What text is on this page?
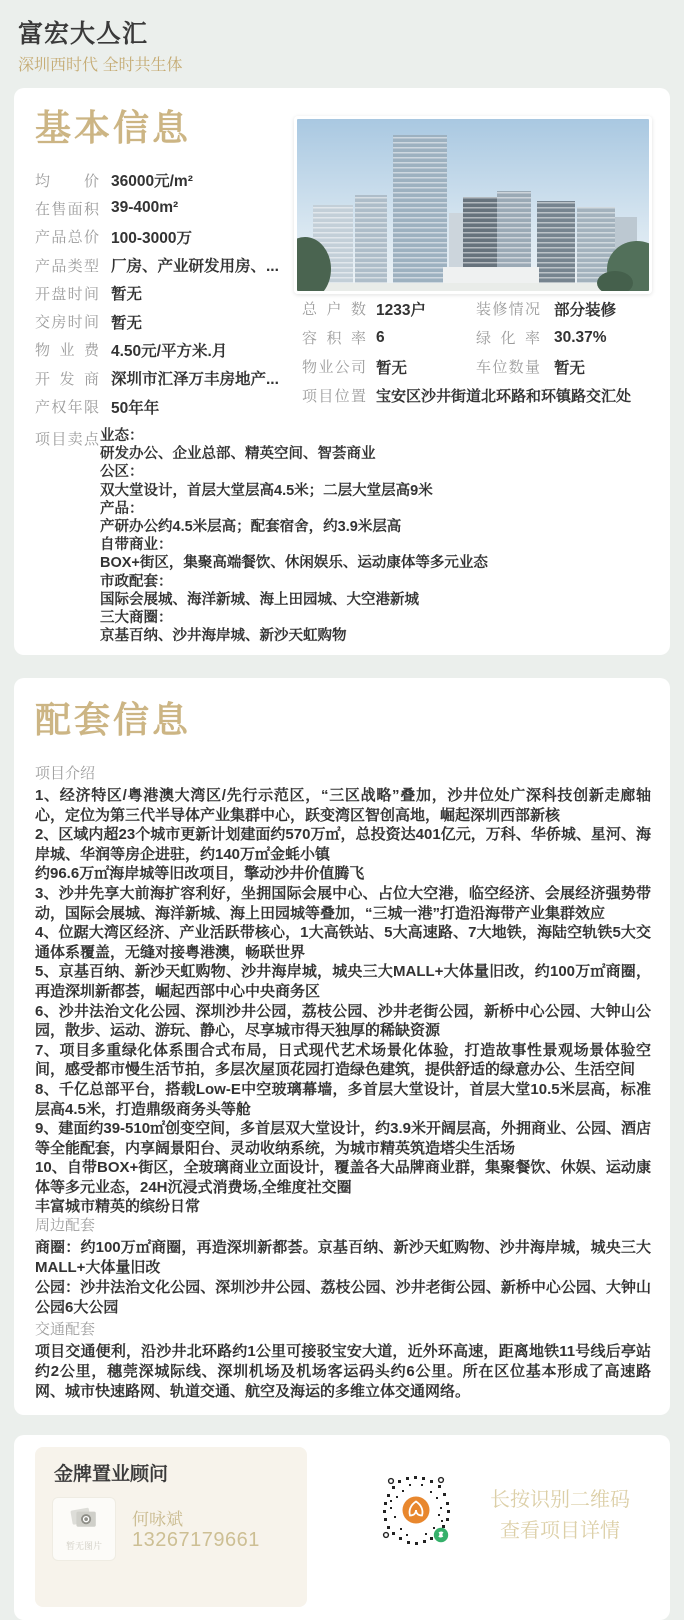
富宏大亼汇
深圳西时代 全时共生体
基本信息
均价 36000元/m²
在售面积 39-400m²
产品总价 100-3000万
产品类型 厂房、产业研发用房、...
开盘时间 暂无
交房时间 暂无
物业费 4.50元/平方米.月
开发商 深圳市汇泽万丰房地产...
产权年限 50年年
总户数 1233户	装修情况 部分装修
容积率 6	绿化率 30.37%
物业公司 暂无	车位数量 暂无
项目位置 宝安区沙井街道北环路和环镇路交汇处
项目卖点 业态：
研发办公、企业总部、精英空间、智荟商业
公区：
双大堂设计，首层大堂层高4.5米；二层大堂层高9米
产品：
产研办公约4.5米层高；配套宿舍，约3.9米层高
自带商业：
BOX+街区，集聚高端餐饮、休闲娱乐、运动康体等多元业态
市政配套：
国际会展城、海洋新城、海上田园城、大空港新城
三大商圈：
京基百纳、沙井海岸城、新沙天虹购物
配套信息
项目介绍

1、经济特区/粤港澳大湾区/先行示范区，“三区战略”叠加，沙井位处广深科技创新走廊轴心，定位为第三代半导体产业集群中心，跃变湾区智创高地，崛起深圳西部新核

2、区域内超23个城市更新计划建面约570万㎡，总投资达401亿元，万科、华侨城、星河、海岸城、华润等房企进驻，约140万㎡金蚝小镇

约96.6万㎡海岸城等旧改项目，擎动沙井价值腾飞

3、沙井先享大前海扩容利好，坐拥国际会展中心、占位大空港，临空经济、会展经济强势带动，国际会展城、海洋新城、海上田园城等叠加，“三城一港”打造沿海带产业集群效应

4、位踞大湾区经济、产业活跃带核心，1大高铁站、5大高速路、7大地铁，海陆空轨铁5大交通体系覆盖，无缝对接粤港澳，畅联世界

5、京基百纳、新沙天虹购物、沙井海岸城，城央三大MALL+大体量旧改，约100万㎡商圈，再造深圳新都荟，崛起西部中心中央商务区

6、沙井法治文化公园、深圳沙井公园，荔枝公园、沙井老街公园，新桥中心公园、大钟山公园，散步、运动、游玩、静心，尽享城市得天独厚的稀缺资源

7、项目多重绿化体系围合式布局，日式现代艺术场景化体验，打造故事性景观场景体验空间，感受都市慢生活节拍，多层次屋顶花园打造绿色建筑，提供舒适的绿意办公、生活空间

8、千亿总部平台，搭载Low-E中空玻璃幕墙，多首层大堂设计，首层大堂10.5米层高，标准层高4.5米，打造鼎级商务头等舱

9、建面约39-510㎡创变空间，多首层双大堂设计，约3.9米开阔层高，外拥商业、公园、酒店等全能配套，内享阔景阳台、灵动收纳系统，为城市精英筑造塔尖生活场

10、自带BOX+街区，全玻璃商业立面设计，覆盖各大品牌商业群，集聚餐饮、休娱、运动康体等多元业态，24H沉浸式消费场,全维度社交圈

丰富城市精英的缤纷日常

周边配套

商圈：约100万㎡商圈，再造深圳新都荟。京基百纳、新沙天虹购物、沙井海岸城，城央三大MALL+大体量旧改

公园：沙井法治文化公园、深圳沙井公园、荔枝公园、沙井老街公园、新桥中心公园、大钟山公园6大公园

交通配套

项目交通便利，沿沙井北环路约1公里可接驳宝安大道，近外环高速，距离地铁11号线后亭站约2公里，穗莞深城际线、深圳机场及机场客运码头约6公里。所在区位基本形成了高速路网、城市快速路网、轨道交通、航空及海运的多维立体交通网络。

金牌置业顾问
暂无图片
何咏斌
13267179661
长按识别二维码
查看项目详情
